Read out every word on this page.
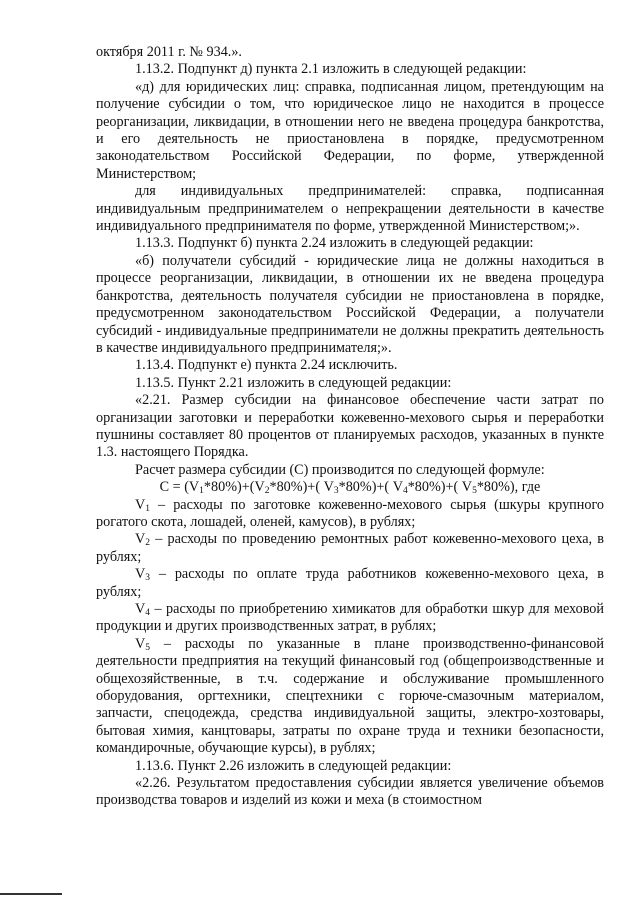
октября 2011 г. № 934.».

1.13.2. Подпункт д) пункта 2.1 изложить в следующей редакции:

«д) для юридических лиц: справка, подписанная лицом, претендующим на получение субсидии о том, что юридическое лицо не находится в процессе реорганизации, ликвидации, в отношении него не введена процедура банкротства, и его деятельность не приостановлена в порядке, предусмотренном законодательством Российской Федерации, по форме, утвержденной Министерством;

для индивидуальных предпринимателей: справка, подписанная индивидуальным предпринимателем о непрекращении деятельности в качестве индивидуального предпринимателя по форме, утвержденной Министерством;».

1.13.3. Подпункт б) пункта 2.24 изложить в следующей редакции:

«б) получатели субсидий - юридические лица не должны находиться в процессе реорганизации, ликвидации, в отношении их не введена процедура банкротства, деятельность получателя субсидии не приостановлена в порядке, предусмотренном законодательством Российской Федерации, а получатели субсидий - индивидуальные предприниматели не должны прекратить деятельность в качестве индивидуального предпринимателя;».

1.13.4. Подпункт е) пункта 2.24 исключить.

1.13.5. Пункт 2.21 изложить в следующей редакции:

«2.21. Размер субсидии на финансовое обеспечение части затрат по организации заготовки и переработки кожевенно-мехового сырья и переработки пушнины составляет 80 процентов от планируемых расходов, указанных в пункте 1.3. настоящего Порядка.

Расчет размера субсидии (С) производится по следующей формуле:

$С = (V_1*80\%)+(V_2*80\%)+$( $V_3*80\%)+$( $V_4*80\%)+$( $V_5*80\%$), где

$V_1$ – расходы по заготовке кожевенно-мехового сырья (шкуры крупного рогатого скота, лошадей, оленей, камусов), в рублях;

$V_2$ – расходы по проведению ремонтных работ кожевенно-мехового цеха, в рублях;

$V_3$ – расходы по оплате труда работников кожевенно-мехового цеха, в рублях;

$V_4$ – расходы по приобретению химикатов для обработки шкур для меховой продукции и других производственных затрат, в рублях;

$V_5$ – расходы по указанные в плане производственно-финансовой деятельности предприятия на текущий финансовый год (общепроизводственные и общехозяйственные, в т.ч. содержание и обслуживание промышленного оборудования, оргтехники, спецтехники с горюче-смазочным материалом, запчасти, спецодежда, средства индивидуальной защиты, электро-хозтовары, бытовая химия, канцтовары, затраты по охране труда и техники безопасности, командирочные, обучающие курсы), в рублях;

1.13.6. Пункт 2.26 изложить в следующей редакции:

«2.26. Результатом предоставления субсидии является увеличение объемов производства товаров и изделий из кожи и меха (в стоимостном
